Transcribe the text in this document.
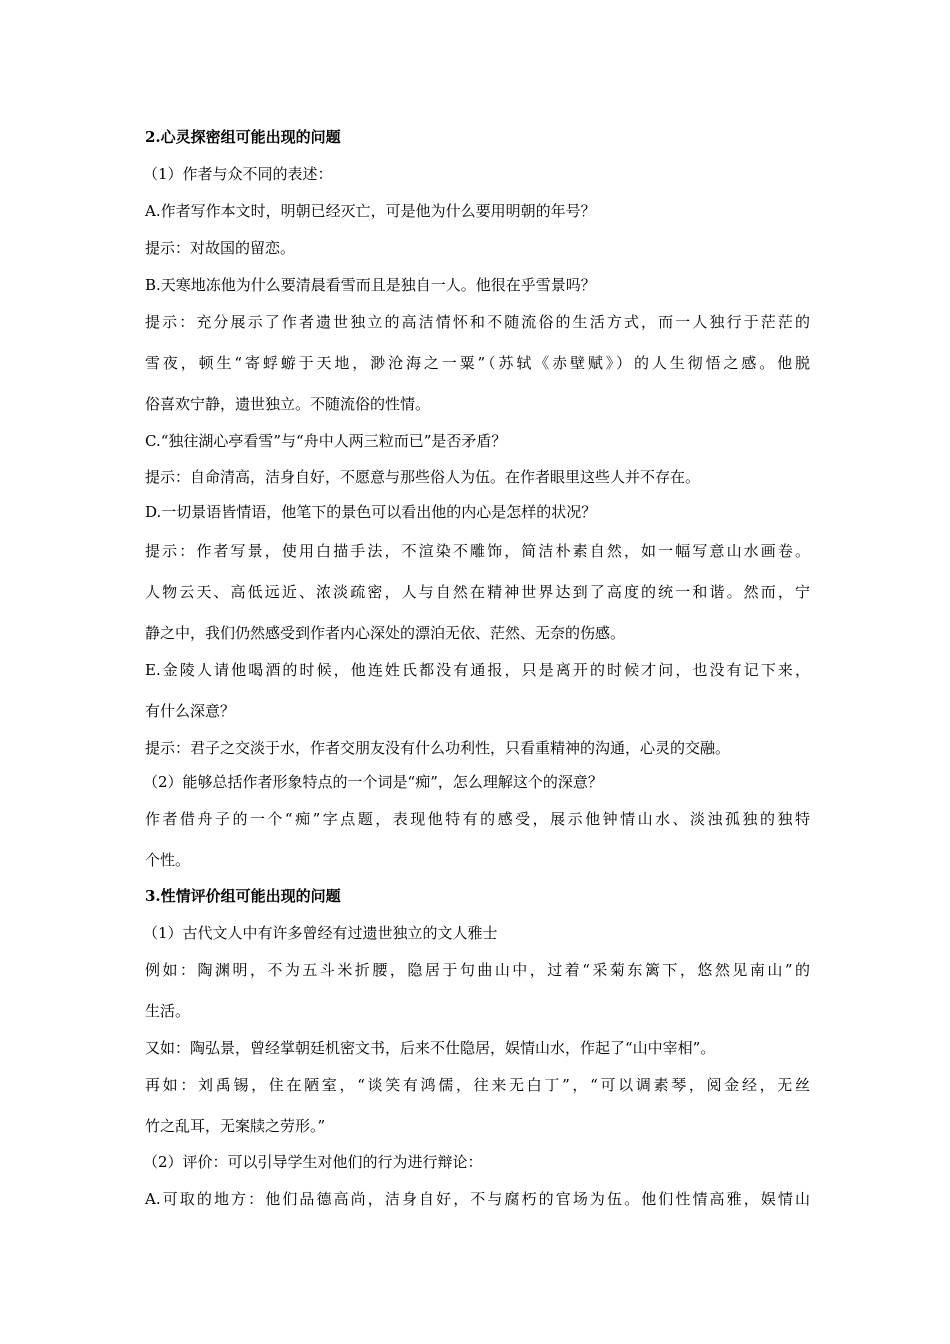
2.心灵探密组可能出现的问题
（1）作者与众不同的表述：
A.作者写作本文时，明朝已经灭亡，可是他为什么要用明朝的年号？
提示：对故国的留恋。
B.天寒地冻他为什么要清晨看雪而且是独自一人。他很在乎雪景吗？
提示：充分展示了作者遗世独立的高洁情怀和不随流俗的生活方式，而一人独行于茫茫的
雪夜，顿生“寄蜉蝣于天地，渺沧海之一粟”（苏轼《赤壁赋》）的人生彻悟之感。他脱
俗喜欢宁静，遗世独立。不随流俗的性情。
C.“独往湖心亭看雪”与“舟中人两三粒而已”是否矛盾？
提示：自命清高，洁身自好，不愿意与那些俗人为伍。在作者眼里这些人并不存在。
D.一切景语皆情语，他笔下的景色可以看出他的内心是怎样的状况？
提示：作者写景，使用白描手法，不渲染不雕饰，简洁朴素自然，如一幅写意山水画卷。
人物云天、高低远近、浓淡疏密，人与自然在精神世界达到了高度的统一和谐。然而，宁
静之中，我们仍然感受到作者内心深处的漂泊无依、茫然、无奈的伤感。
E.金陵人请他喝酒的时候，他连姓氏都没有通报，只是离开的时候才问，也没有记下来，
有什么深意？
提示：君子之交淡于水，作者交朋友没有什么功利性，只看重精神的沟通，心灵的交融。
（2）能够总括作者形象特点的一个词是“痴”，怎么理解这个的深意？
作者借舟子的一个“痴”字点题，表现他特有的感受，展示他钟情山水、淡浊孤独的独特
个性。
3.性情评价组可能出现的问题
（1）古代文人中有许多曾经有过遗世独立的文人雅士
例如：陶渊明，不为五斗米折腰，隐居于句曲山中，过着“采菊东篱下，悠然见南山”的
生活。
又如：陶弘景，曾经掌朝廷机密文书，后来不仕隐居，娱情山水，作起了“山中宰相”。
再如：刘禹锡，住在陋室，“谈笑有鸿儒，往来无白丁”，“可以调素琴，阅金经，无丝
竹之乱耳，无案牍之劳形。”
（2）评价：可以引导学生对他们的行为进行辩论：
A.可取的地方：他们品德高尚，洁身自好，不与腐朽的官场为伍。他们性情高雅，娱情山
